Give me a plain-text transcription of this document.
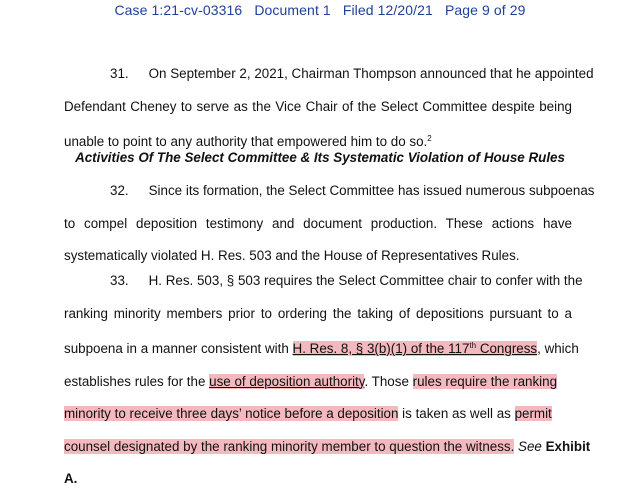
Case 1:21-cv-03316 Document 1 Filed 12/20/21 Page 9 of 29
31. On September 2, 2021, Chairman Thompson announced that he appointed
Defendant Cheney to serve as the Vice Chair of the Select Committee despite being
unable to point to any authority that empowered him to do so.$^2$
Activities Of The Select Committee & Its Systematic Violation of House Rules
32. Since its formation, the Select Committee has issued numerous subpoenas
to compel deposition testimony and document production. These actions have
systematically violated H. Res. 503 and the House of Representatives Rules.
33. H. Res. 503, § 503 requires the Select Committee chair to confer with the
ranking minority members prior to ordering the taking of depositions pursuant to a
subpoena in a manner consistent with H. Res. 8, § 3(b)(1) of the 117th Congress, which
establishes rules for the use of deposition authority. Those rules require the ranking
minority to receive three days’ notice before a deposition is taken as well as permit
counsel designated by the ranking minority member to question the witness. See Exhibit
A.
